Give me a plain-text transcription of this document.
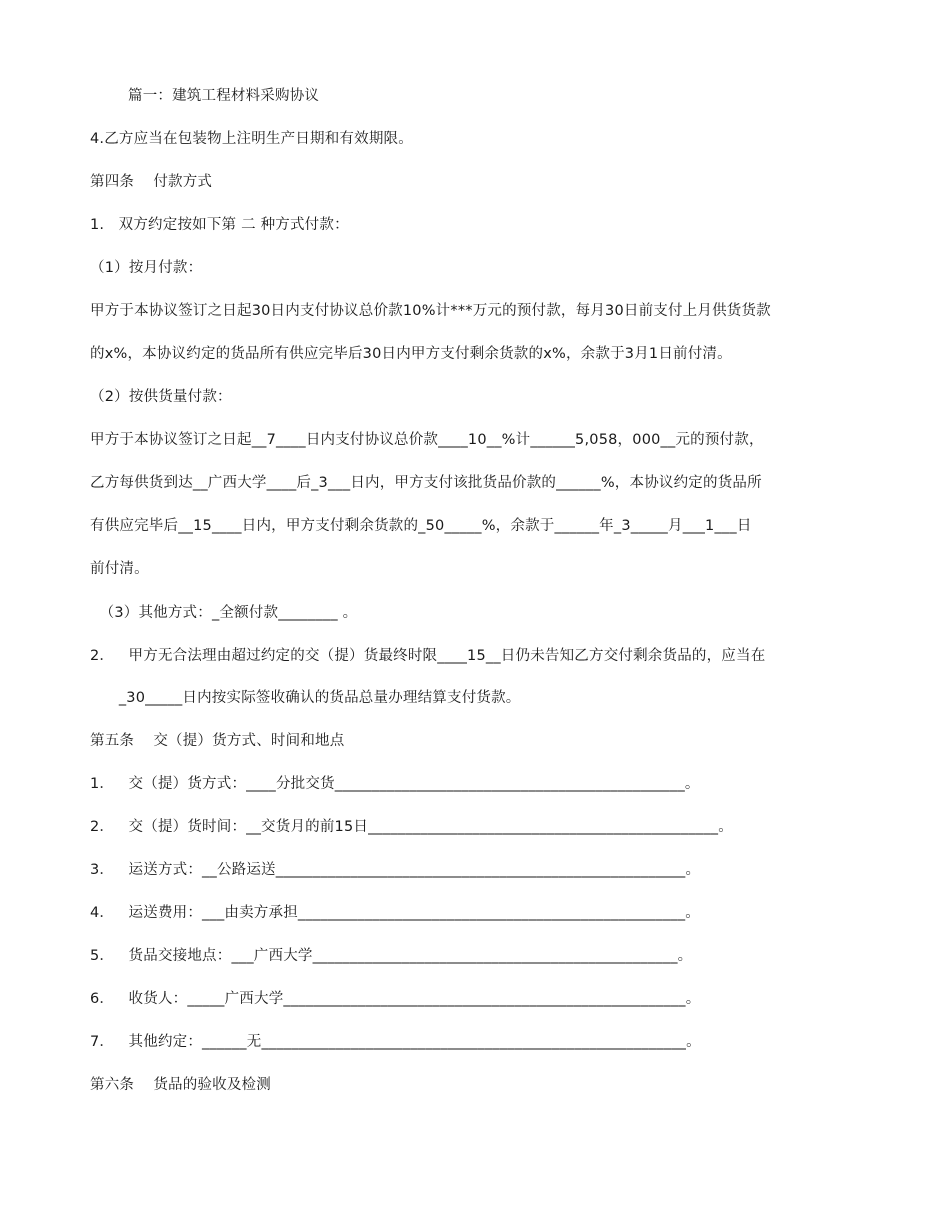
篇一：建筑工程材料采购协议
4.乙方应当在包装物上注明生产日期和有效期限。
第四条    付款方式
1.   双方约定按如下第 二 种方式付款：
（1）按月付款：
甲方于本协议签订之日起30日内支付协议总价款10%计***万元的预付款，每月30日前支付上月供货货款
的x%，本协议约定的货品所有供应完毕后30日内甲方支付剩余货款的x%，余款于3月1日前付清。
（2）按供货量付款：
甲方于本协议签订之日起__7____日内支付协议总价款____10__%计______5,058，000__元的预付款，
乙方每供货到达__广西大学____后_3___日内，甲方支付该批货品价款的______%，本协议约定的货品所
有供应完毕后__15____日内，甲方支付剩余货款的_50_____%，余款于______年_3_____月___1___日
前付清。
（3）其他方式：_全额付款________ 。
2．   甲方无合法理由超过约定的交（提）货最终时限____15__日仍未告知乙方交付剩余货品的，应当在
_30_____日内按实际签收确认的货品总量办理结算支付货款。
第五条    交（提）货方式、时间和地点
1．   交（提）货方式：____分批交货_______________________________________________。
2．   交（提）货时间：__交货月的前15日_______________________________________________。
3．   运送方式：__公路运送_______________________________________________________。
4．   运送费用：___由卖方承担____________________________________________________。
5．   货品交接地点：___广西大学_________________________________________________。
6．   收货人：_____广西大学______________________________________________________。
7．   其他约定：______无_________________________________________________________。
第六条    货品的验收及检测
